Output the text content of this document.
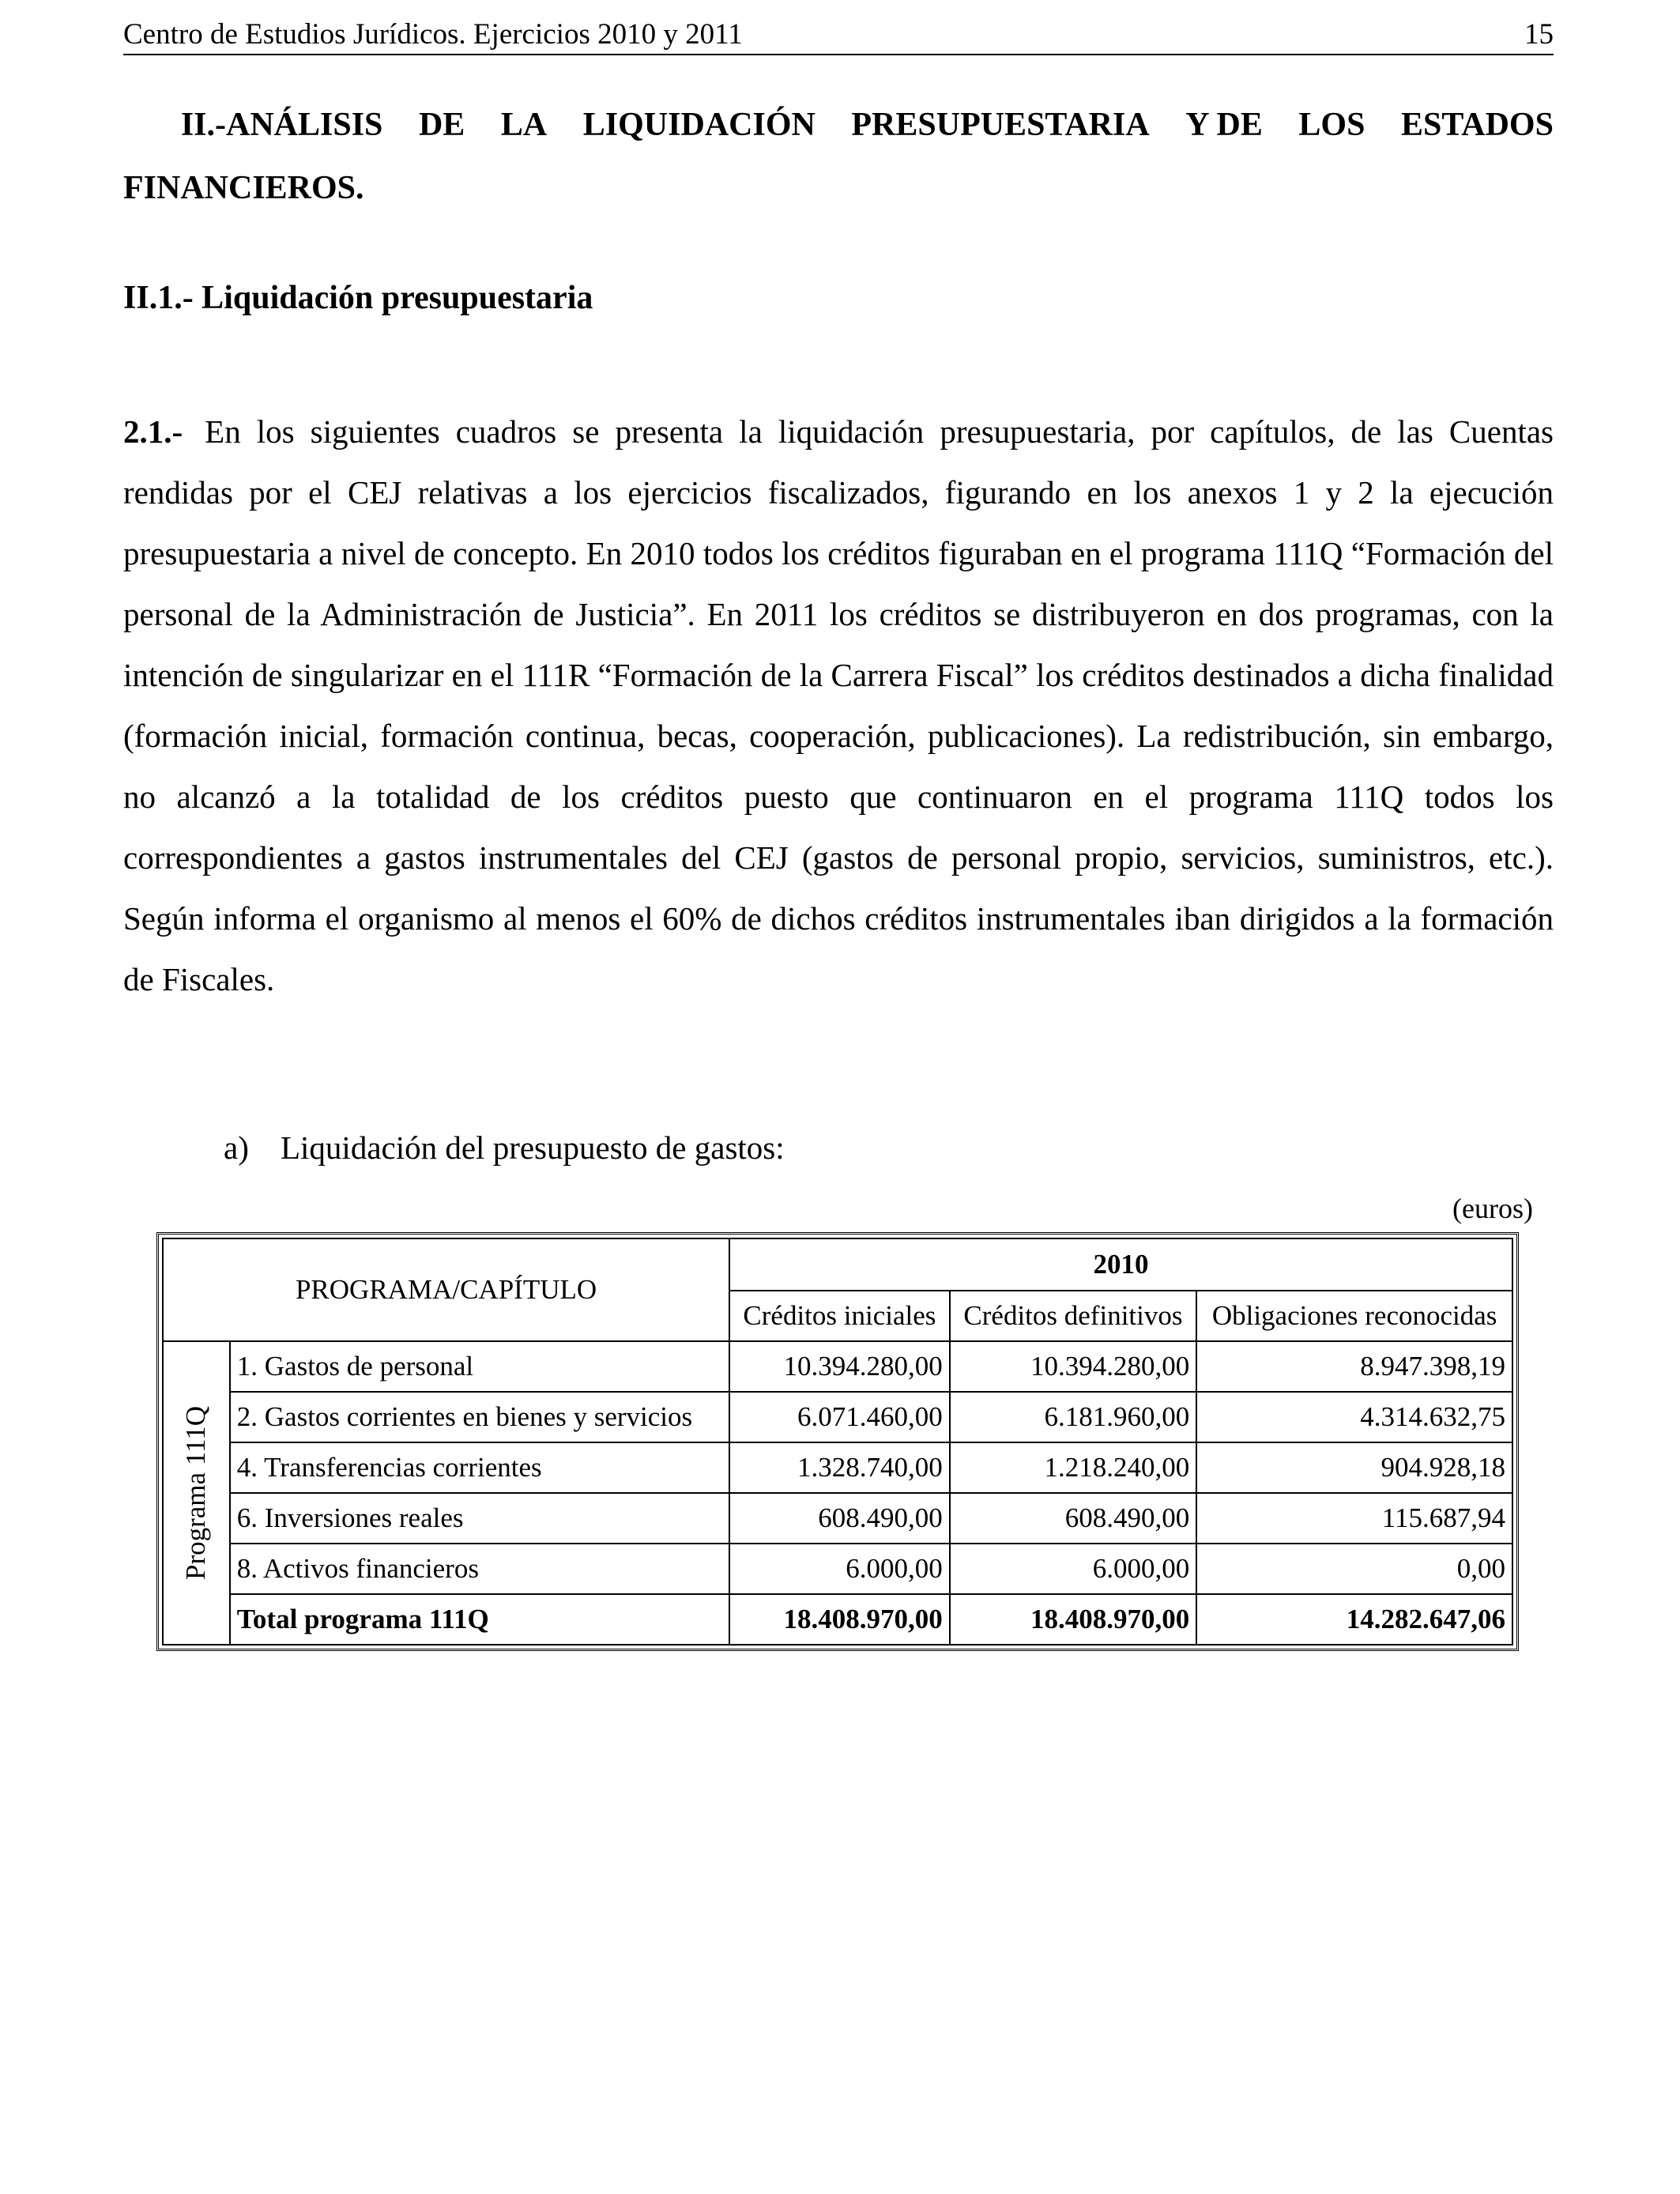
Centro de Estudios Jurídicos. Ejercicios 2010 y 2011	15
II.- ANÁLISIS DE LA LIQUIDACIÓN PRESUPUESTARIA Y DE LOS ESTADOS
FINANCIEROS.
II.1.- Liquidación presupuestaria
2.1.- En los siguientes cuadros se presenta la liquidación presupuestaria, por capítulos, de las Cuentas rendidas por el CEJ relativas a los ejercicios fiscalizados, figurando en los anexos 1 y 2 la ejecución presupuestaria a nivel de concepto. En 2010 todos los créditos figuraban en el programa 111Q “Formación del personal de la Administración de Justicia”. En 2011 los créditos se distribuyeron en dos programas, con la intención de singularizar en el 111R “Formación de la Carrera Fiscal” los créditos destinados a dicha finalidad (formación inicial, formación continua, becas, cooperación, publicaciones). La redistribución, sin embargo, no alcanzó a la totalidad de los créditos puesto que continuaron en el programa 111Q todos los correspondientes a gastos instrumentales del CEJ (gastos de personal propio, servicios, suministros, etc.). Según informa el organismo al menos el 60% de dichos créditos instrumentales iban dirigidos a la formación de Fiscales.
a) Liquidación del presupuesto de gastos:
(euros)
PROGRAMA/CAPÍTULO		2010		
		Créditos iniciales	Créditos definitivos	Obligaciones reconocidas

Programa 111Q	1. Gastos de personal	10.394.280,00	10.394.280,00	8.947.398,19
	2. Gastos corrientes en bienes y servicios	6.071.460,00	6.181.960,00	4.314.632,75
	4. Transferencias corrientes	1.328.740,00	1.218.240,00	904.928,18
	6. Inversiones reales	608.490,00	608.490,00	115.687,94
	8. Activos financieros	6.000,00	6.000,00	0,00
	Total programa 111Q	18.408.970,00	18.408.970,00	14.282.647,06
